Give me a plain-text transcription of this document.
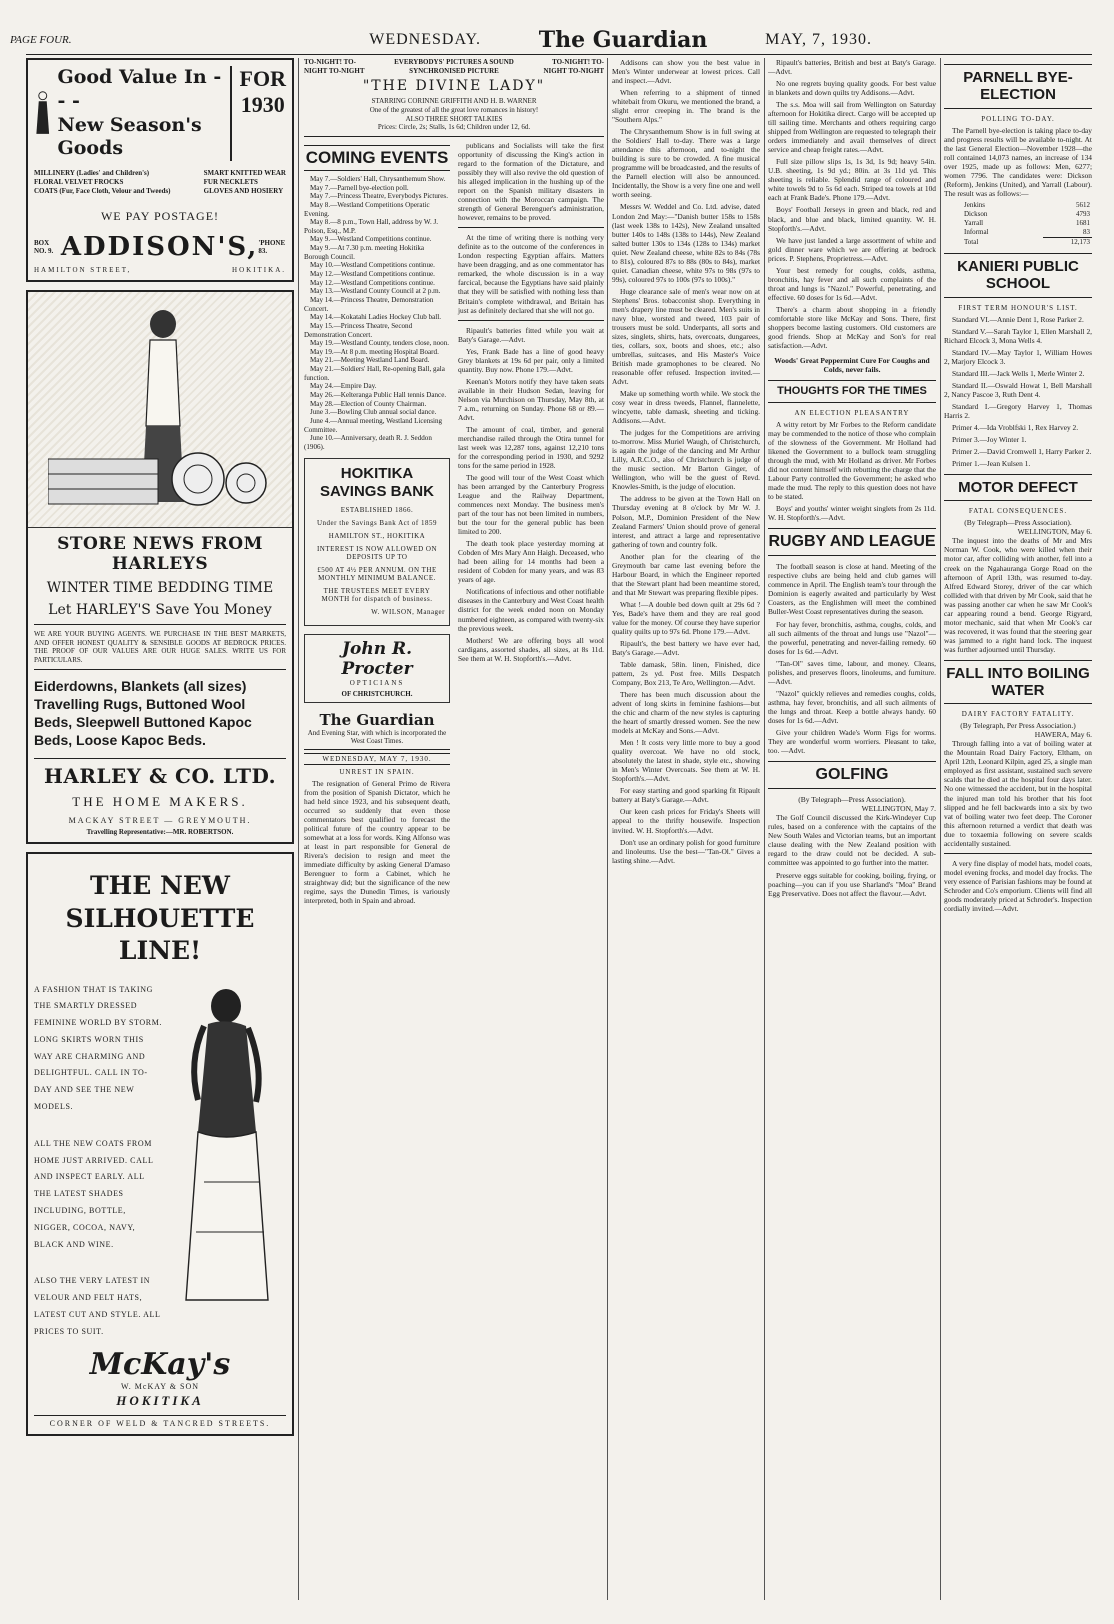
PAGE FOUR.	WEDNESDAY.	The Guardian	MAY, 7, 1930.
Good Value In - - -
New Season's Goods
FOR
1930
MILLINERY (Ladies' and Children's)
FLORAL VELVET FROCKS
COATS (Fur, Face Cloth, Velour and Tweeds)
SMART KNITTED WEAR
FUR NECKLETS
GLOVES AND HOSIERY
WE PAY POSTAGE!
BOX NO. 9. ADDISON'S, 'PHONE 83.
HAMILTON STREET,	HOKITIKA.
STORE NEWS FROM HARLEYS
WINTER TIME BEDDING TIME
Let HARLEY'S Save You Money
WE ARE YOUR BUYING AGENTS. WE PURCHASE IN THE BEST MARKETS, AND OFFER HONEST QUALITY & SENSIBLE GOODS AT BEDROCK PRICES. THE PROOF OF OUR VALUES ARE OUR HUGE SALES. WRITE US FOR PARTICULARS.
Eiderdowns, Blankets (all sizes) Travelling Rugs, Buttoned Wool Beds, Sleepwell Buttoned Kapoc Beds, Loose Kapoc Beds.
HARLEY & CO. LTD.
THE HOME MAKERS.
MACKAY STREET — GREYMOUTH.
Travelling Representative:—MR. ROBERTSON.
THE NEW
SILHOUETTE LINE!

A FASHION THAT IS TAKING THE SMARTLY DRESSED FEMININE WORLD BY STORM. LONG SKIRTS WORN THIS WAY ARE CHARMING AND DELIGHTFUL. CALL IN TO-DAY AND SEE THE NEW MODELS.

ALL THE NEW COATS FROM HOME JUST ARRIVED. CALL AND INSPECT EARLY. ALL THE LATEST SHADES INCLUDING, BOTTLE, NIGGER, COCOA, NAVY, BLACK AND WINE.

ALSO THE VERY LATEST IN VELOUR AND FELT HATS, LATEST CUT AND STYLE. ALL PRICES TO SUIT.

McKay's
W. McKAY & SON
HOKITIKA
CORNER OF WELD & TANCRED STREETS.
TO-NIGHT! TO-NIGHT TO-NIGHT
EVERYBODYS' PICTURES A SOUND SYNCHRONISED PICTURE
TO-NIGHT! TO-NIGHT TO-NIGHT
"THE DIVINE LADY"
STARRING CORINNE GRIFFITH AND H. B. WARNER
One of the greatest of all the great love romances in history!
ALSO THREE SHORT TALKIES
Prices: Circle, 2s; Stalls, 1s 6d; Children under 12, 6d.
COMING EVENTS

May 7.—Soldiers' Hall, Chrysanthemum Show.

May 7.—Parnell bye-election poll.

May 7.—Princess Theatre, Everybodys Pictures.

May 8.—Westland Competitions Operatic Evening.

May 8.—8 p.m., Town Hall, address by W. J. Polson, Esq., M.P.

May 9.—Westland Competitions continue.

May 9.—At 7.30 p.m. meeting Hokitika Borough Council.

May 10.—Westland Competitions continue.

May 12.—Westland Competitions continue.

May 12.—Westland Competitions continue.

May 13.—Westland County Council at 2 p.m.

May 14.—Princess Theatre, Demonstration Concert.

May 14.—Kokatahi Ladies Hockey Club ball.

May 15.—Princess Theatre, Second Demonstration Concert.

May 19.—Westland County, tenders close, noon.

May 19.—At 8 p.m. meeting Hospital Board.

May 21.—Meeting Westland Land Board.

May 21.—Soldiers' Hall, Re-opening Ball, gala function.

May 24.—Empire Day.

May 26.—Kelteranga Public Hall tennis Dance.

May 28.—Election of County Chairman.

June 3.—Bowling Club annual social dance.

June 4.—Annual meeting, Westland Licensing Committee.

June 10.—Anniversary, death R. J. Seddon (1906).

HOKITIKA SAVINGS BANK

ESTABLISHED 1866.

Under the Savings Bank Act of 1859

HAMILTON ST., HOKITIKA

INTEREST IS NOW ALLOWED ON DEPOSITS UP TO

£500 AT 4½ PER ANNUM. ON THE MONTHLY MINIMUM BALANCE.

THE TRUSTEES MEET EVERY MONTH for dispatch of business.

W. WILSON, Manager

John R. Procter
OPTICIANS
OF CHRISTCHURCH.
The Guardian
And Evening Star, with which is incorporated the West Coast Times.
WEDNESDAY, MAY 7, 1930.
UNREST IN SPAIN.

The resignation of General Primo de Rivera from the position of Spanish Dictator, which he had held since 1923, and his subsequent death, occurred so suddenly that even those commentators best qualified to forecast the political future of the country appear to be somewhat at a loss for words. King Alfonso was at least in part responsible for General de Rivera's decision to resign and meet the immediate difficulty by asking General D'amaso Berenguer to form a Cabinet, which he straightway did; but the significance of the new regime, says the Dunedin Times, is variously interpreted, both in Spain and abroad.

publicans and Socialists will take the first opportunity of discussing the King's action in regard to the formation of the Dictature, and possibly they will also revive the old question of his alleged implication in the hushing up of the report on the Spanish military disasters in connection with the Moroccan campaign. The strength of General Berenguer's administration, however, remains to be proved.

At the time of writing there is nothing very definite as to the outcome of the conferences in London respecting Egyptian affairs. Matters have been dragging, and as one commentator has remarked, the whole discussion is in a way farcical, because the Egyptians have said plainly that they will be satisfied with nothing less than Britain's complete withdrawal, and Britain has just as definitely declared that she will not go.

Ripault's batteries fitted while you wait at Baty's Garage.—Advt.

Yes, Frank Bade has a line of good heavy Grey blankets at 19s 6d per pair, only a limited quantity. Buy now. Phone 179.—Advt.

Keenan's Motors notify they have taken seats available in their Hudson Sedan, leaving for Nelson via Murchison on Thursday, May 8th, at 7 a.m., returning on Sunday. Phone 68 or 89.—Advt.

The amount of coal, timber, and general merchandise railed through the Otira tunnel for last week was 12,287 tons, against 12,210 tons for the corresponding period in 1930, and 9292 tons for the same period in 1928.

The good will tour of the West Coast which has been arranged by the Canterbury Progress League and the Railway Department, commences next Monday. The business men's part of the tour has not been limited in numbers, but the tour for the general public has been limited to 200.

The death took place yesterday morning at Cobden of Mrs Mary Ann Haigh. Deceased, who had been ailing for 14 months had been a resident of Cobden for many years, and was 83 years of age.

Notifications of infectious and other notifiable diseases in the Canterbury and West Coast health district for the week ended noon on Monday numbered eighteen, as compared with twenty-six the previous week.

Mothers! We are offering boys all wool cardigans, assorted shades, all sizes, at 8s 11d. See them at W. H. Stopforth's.—Advt.

Addisons can show you the best value in Men's Winter underwear at lowest prices. Call and inspect.—Advt.

When referring to a shipment of tinned whitebait from Okuru, we mentioned the brand, a slight error creeping in. The brand is the "Southern Alps."

The Chrysanthemum Show is in full swing at the Soldiers' Hall to-day. There was a large attendance this afternoon, and to-night the building is sure to be crowded. A fine musical programme will be broadcasted, and the results of the Parnell election will also be announced. Incidentally, the Show is a very fine one and well worth seeing.

Messrs W. Weddel and Co. Ltd. advise, dated London 2nd May:—"Danish butter 158s to 158s (last week 138s to 142s), New Zealand unsalted butter 140s to 148s (138s to 144s), New Zealand salted butter 130s to 134s (128s to 134s) market quiet. New Zealand cheese, white 82s to 84s (78s to 81s), coloured 87s to 88s (80s to 84s), market quiet. Canadian cheese, white 97s to 98s (97s to 99s), coloured 97s to 100s (97s to 100s)."

Huge clearance sale of men's wear now on at Stephens' Bros. tobacconist shop. Everything in men's drapery line must be cleared. Men's suits in navy blue, worsted and tweed, 103 pair of trousers must be sold. Underpants, all sorts and sizes, singlets, shirts, hats, overcoats, dungarees, ties, collars, sox, boots and shoes, etc.; also umbrellas, suitcases, and His Master's Voice British made gramophones to be cleared. No reasonable offer refused. Inspection invited.—Advt.

Make up something worth while. We stock the cosy wear in dress tweeds, Flannel, flannelette, wincyette, table damask, sheeting and ticking. Addisons.—Advt.

The judges for the Competitions are arriving to-morrow. Miss Muriel Waugh, of Christchurch, is again the judge of the dancing and Mr Arthur Lilly, A.R.C.O., also of Christchurch is judge of the music section. Mr Barton Ginger, of Wellington, who will be the guest of Revd. Knowles-Smith, is the judge of elocution.

The address to be given at the Town Hall on Thursday evening at 8 o'clock by Mr W. J. Polson, M.P., Dominion President of the New Zealand Farmers' Union should prove of general interest, and attract a large and representative gathering of town and country folk.

Another plan for the clearing of the Greymouth bar came last evening before the Harbour Board, in which the Engineer reported that the Stewart plant had been meantime stored, and that Mr Stewart was preparing flexible pipes.

What !—A double bed down quilt at 29s 6d ? Yes, Bade's have them and they are real good value for the money. Of course they have superior quality quilts up to 97s 6d. Phone 179.—Advt.

Ripault's, the best battery we have ever had, Baty's Garage.—Advt.

Table damask, 58in. linen, Finished, dice pattern, 2s yd. Post free. Mills Despatch Company, Box 213, Te Aro, Wellington.—Advt.

There has been much discussion about the advent of long skirts in feminine fashions—but the chic and charm of the new styles is capturing the heart of smartly dressed women. See the new models at McKay and Sons.—Advt.

Men ! It costs very little more to buy a good quality overcoat. We have no old stock, absolutely the latest in shade, style etc., showing in Men's Winter Overcoats. See them at W. H. Stopforth's.—Advt.

For easy starting and good sparking fit Ripault battery at Baty's Garage.—Advt.

Our keen cash prices for Friday's Sheets will appeal to the thrifty housewife. Inspection invited. W. H. Stopforth's.—Advt.

Don't use an ordinary polish for good furniture and linoleums. Use the best—"Tan-Ol." Gives a lasting shine.—Advt.

Ripault's batteries, British and best at Baty's Garage.—Advt.

No one regrets buying quality goods. For best value in blankets and down quilts try Addisons.—Advt.

The s.s. Moa will sail from Wellington on Saturday afternoon for Hokitika direct. Cargo will be accepted up till sailing time. Merchants and others requiring cargo shipped from Wellington are requested to telegraph their orders immediately and avail themselves of direct service and cheap freight rates.—Advt.

Full size pillow slips 1s, 1s 3d, 1s 9d; heavy 54in. U.B. sheeting, 1s 9d yd.; 80in. at 3s 11d yd. This sheeting is reliable. Splendid range of coloured and white towels 9d to 5s 6d each. Striped tea towels at 10d each at Frank Bade's. Phone 179.—Advt.

Boys' Football Jerseys in green and black, red and black, and blue and black, limited quantity. W. H. Stopforth's.—Advt.

We have just landed a large assortment of white and gold dinner ware which we are offering at bedrock prices. P. Stephens, Proprietress.—Advt.

Your best remedy for coughs, colds, asthma, bronchitis, hay fever and all such complaints of the throat and lungs is "Nazol." Powerful, penetrating, and effective. 60 doses for 1s 6d.—Advt.

There's a charm about shopping in a friendly comfortable store like McKay and Sons. There, first shoppers become lasting customers. Old customers are good friends. Shop at McKay and Son's for real satisfaction.—Advt.

Woods' Great Peppermint Cure For Coughs and Colds, never fails.
THOUGHTS FOR THE TIMES
AN ELECTION PLEASANTRY

A witty retort by Mr Forbes to the Reform candidate may be commended to the notice of those who complain of the slowness of the Government. Mr Holland had likened the Government to a bullock team struggling through the mud, with Mr Holland as driver. Mr Forbes did not content himself with rebutting the charge that the Labour Party controlled the Government; he asked who made the mud. The reply to this question does not have to be stated.

Boys' and youths' winter weight singlets from 2s 11d. W. H. Stopforth's.—Advt.

RUGBY AND LEAGUE

The football season is close at hand. Meeting of the respective clubs are being held and club games will commence in April. The English team's tour through the Dominion is eagerly awaited and particularly by West Coasters, as the Englishmen will meet the combined Buller-West Coast representatives during the season.

For hay fever, bronchitis, asthma, coughs, colds, and all such ailments of the throat and lungs use "Nazol"—the powerful, penetrating and never-failing remedy. 60 doses for 1s 6d.—Advt.

"Tan-Ol" saves time, labour, and money. Cleans, polishes, and preserves floors, linoleums, and furniture.—Advt.

"Nazol" quickly relieves and remedies coughs, colds, asthma, hay fever, bronchitis, and all such ailments of the lungs and throat. Keep a bottle always handy. 60 doses for 1s 6d.—Advt.

Give your children Wade's Worm Figs for worms. They are wonderful worm worriers. Pleasant to take, too. —Advt.

GOLFING
(By Telegraph—Press Association).
WELLINGTON, May 7.

The Golf Council discussed the Kirk-Windeyer Cup rules, based on a conference with the captains of the New South Wales and Victorian teams, but an important clause dealing with the New Zealand position with regard to the draw could not be decided. A sub-committee was appointed to go further into the matter.

Preserve eggs suitable for cooking, boiling, frying, or poaching—you can if you use Sharland's "Moa" Brand Egg Preservative. Does not affect the flavour.—Advt.

PARNELL BYE-ELECTION
POLLING TO-DAY.

The Parnell bye-election is taking place to-day and progress results will be available to-night. At the last General Election—November 1928—the roll contained 14,073 names, an increase of 134 over 1925, made up as follows: Men, 6277; women 7796. The candidates were: Dickson (Reform), Jenkins (United), and Yarrall (Labour). The result was as follows:—

Jenkins	5612
Dickson	4793
Yarrall	1681
Informal	83
Total	12,173
KANIERI PUBLIC SCHOOL
FIRST TERM HONOUR'S LIST.

Standard VI.—Annie Dent 1, Rose Parker 2.

Standard V.—Sarah Taylor 1, Ellen Marshall 2, Richard Elcock 3, Mona Wells 4.

Standard IV.—May Taylor 1, William Howes 2, Marjory Elcock 3.

Standard III.—Jack Wells 1, Merle Winter 2.

Standard II.—Oswald Howat 1, Bell Marshall 2, Nancy Pascoe 3, Ruth Dent 4.

Standard I.—Gregory Harvey 1, Thomas Harris 2.

Primer 4.—Ida Vroblfski 1, Rex Harvey 2.

Primer 3.—Joy Winter 1.

Primer 2.—David Cromwell 1, Harry Parker 2.

Primer 1.—Jean Kulsen 1.

MOTOR DEFECT
FATAL CONSEQUENCES.
(By Telegraph—Press Association).
WELLINGTON, May 6.

The inquest into the deaths of Mr and Mrs Norman W. Cook, who were killed when their motor car, after colliding with another, fell into a creek on the Ngahauranga Gorge Road on the afternoon of April 13th, was resumed to-day. Alfred Edward Storey, driver of the car which collided with that driven by Mr Cook, said that he was passing another car when he saw Mr Cook's car appearing round a bend. George Rigyard, motor mechanic, said that when Mr Cook's car was recovered, it was found that the steering gear was jammed to a right hand lock. The inquest was further adjourned until Thursday.

FALL INTO BOILING WATER
DAIRY FACTORY FATALITY.
(By Telegraph, Per Press Association.)
HAWERA, May 6.

Through falling into a vat of boiling water at the Mountain Road Dairy Factory, Eltham, on April 12th, Leonard Kilpin, aged 25, a single man employed as first assistant, sustained such severe scalds that he died at the hospital four days later. No one witnessed the accident, but in the hospital the injured man told his brother that his foot slipped and he fell backwards into a six by two vat of boiling water two feet deep. The Coroner this afternoon returned a verdict that death was due to toxaemia following on severe scalds accidentally sustained.

A very fine display of model hats, model coats, model evening frocks, and model day frocks. The very essence of Parisian fashions may be found at Schroder and Co's emporium. Clients will find all goods moderately priced at Schroder's. Inspection cordially invited.—Advt.
